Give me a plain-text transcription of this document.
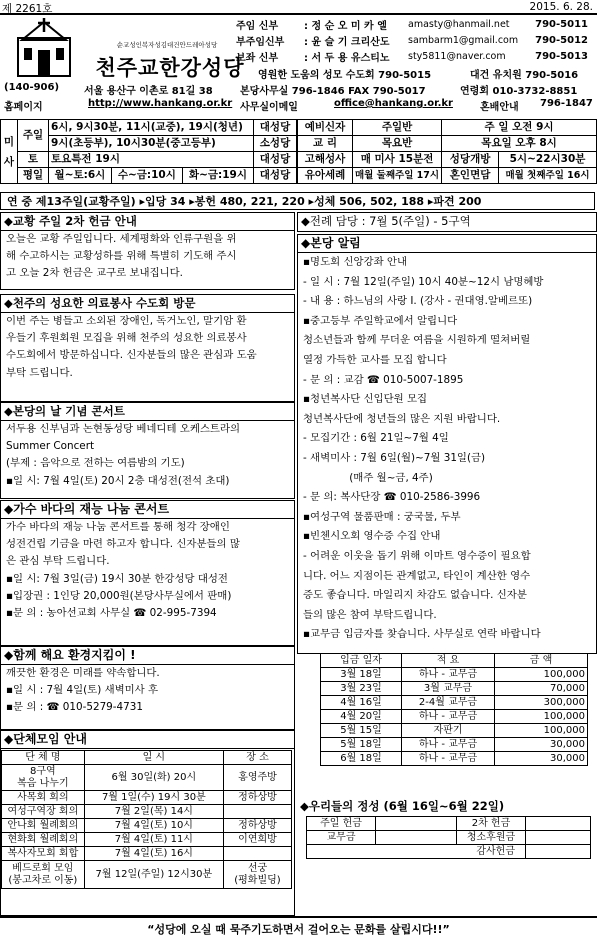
제 2261호	2015. 6. 28.
순교성인복자성김대건안드레아성당
천주교한강성당
주임 신부	: 정 순 오 미 카 엘	amasty@hanmail.net	790-5011
부주임신부	: 윤 슬 기 크리산도	sambarm1@gmail.com	790-5012
보좌 신부	: 서 두 용 유스티노	sty5811@naver.com	790-5013
영원한 도움의 성모 수도회 790-5015	대건 유치원 790-5016
(140-906) 서울 용산구 이촌로 81길 38	본당사무실 796-1846 FAX 790-5017	연령회 010-3732-8851
홈페이지	http://www.hankang.or.kr 사무실이메일	office@hankang.or.kr	혼배안내 796-1847
미
사	주일	6시, 9시30분, 11시(교중), 19시(청년)			대성당
		9시(초등부), 10시30분(중고등부)			소성당
	토	토요특전 19시			대성당
	평일	월~토:6시	수~금:10시	화~금:19시	대성당
예비신자	주일반	주 일 오전 9시	
교 리	목요반	목요일 오후 8시	
고해성사	매 미사 15분전	성당개방	5시~22시30분
유아세례	매월 둘째주일 17시	혼인면담	매월 첫째주일 16시
연 중 제13주일(교황주일) ▸입당 34 ▸봉헌 480, 221, 220 ▸성체 506, 502, 188 ▸파견 200
◆교황 주일 2차 헌금 안내
오늘은 교황 주일입니다. 세계평화와 인류구원을 위
해 수고하시는 교황성하를 위해 특별히 기도해 주시
고 오늘 2차 헌금은 교구로 보내집니다.
◆천주의 성요한 의료봉사 수도회 방문
이번 주는 병들고 소외된 장애인, 독거노인, 말기암 환
우들기 후원회원 모집을 위해 천주의 성요한 의료봉사
수도회에서 방문하십니다. 신자분들의 많은 관심과 도움
부탁 드립니다.
◆본당의 날 기념 콘서트
서두용 신부님과 논현동성당 베네디테 오케스트라의
Summer Concert
(부제 : 음악으로 전하는 여름밤의 기도)
▪일 시: 7월 4일(토) 20시 2층 대성전(전석 초대)
◆가수 바다의 재능 나눔 콘서트
가수 바다의 재능 나눔 콘서트를 통해 청각 장애인
성전건립 기금을 마련 하고자 합니다. 신자분들의 많
은 관심 부탁 드립니다.
▪일 시: 7월 3일(금) 19시 30분 한강성당 대성전
▪입장권 : 1인당 20,000원(본당사무실에서 판매)
▪문 의 : 농아선교회 사무실 ☎ 02-995-7394
◆함께 해요 환경지킴이 !
깨끗한 환경은 미래를 약속합니다.
▪일 시 : 7월 4일(토) 새벽미사 후
▪문 의 : ☎ 010-5279-4731
◆단체모임 안내
단 체 명	일 시	장 소
8구역
복음 나누기	6월 30일(화) 20시	홍영주방
사목회 회의	7월 1일(수) 19시 30분	정하상방
여성구역장 회의	7월 2일(목) 14시	
안나회 월례회의	7월 4일(토) 10시	정하상방
현화회 월례회의	7월 4일(토) 11시	이연희방
복사자모회 회합	7월 4일(토) 16시	
베드로회 모임
(봉고차로 이동)	7월 12일(주일) 12시30분	선궁
(평화빌딩)
◆전례 담당 : 7월 5(주일) - 5구역
◆본당 알림
▪명도회 신앙강좌 안내
- 일 시 : 7월 12일(주일) 10시 40분~12시 남명혜방
- 내 용 : 하느님의 사랑 I. (강사 - 권대영.알베르또)
▪중고등부 주일학교에서 알립니다
청소년들과 함께 무더운 여름을 시원하게 떨쳐버릴
열정 가득한 교사를 모집 합니다
- 문 의 : 교감 ☎ 010-5007-1895
▪청년복사단 신입단원 모집
청년복사단에 청년들의 많은 지원 바랍니다.
- 모집기간 : 6월 21일~7월 4일
- 새벽미사 : 7월 6일(월)~7월 31일(금)
(매주 월~금, 4주)
- 문 의: 복사단장 ☎ 010-2586-3996
▪여성구역 물품판매 : 궁국물, 두부
▪빈첸시오회 영수증 수집 안내
- 어려운 이웃을 돕기 위해 이마트 영수증이 필요합
니다. 어느 지점이든 관계없고, 타인이 계산한 영수
증도 좋습니다. 마일리지 차감도 없습니다. 신자분
들의 많은 참여 부탁드립니다.
▪교무금 입금자를 찾습니다. 사무실로 연락 바랍니다
입금 일자	적 요	금 액
3월 18일	하나 - 교무금	100,000
3월 23일	3월 교무금	70,000
4월 16일	2-4월 교무금	300,000
4월 20일	하나 - 교무금	100,000
5월 15일	자판기	100,000
5월 18일	하나 - 교무금	30,000
6월 18일	하나 - 교무금	30,000
◆우리들의 정성 (6월 16일~6월 22일)
주일 헌금		2차 헌금	
교무금		청소후원금	
감사헌금			
“성당에 오실 때 묵주기도하면서 걸어오는 문화를 살립시다!!”
